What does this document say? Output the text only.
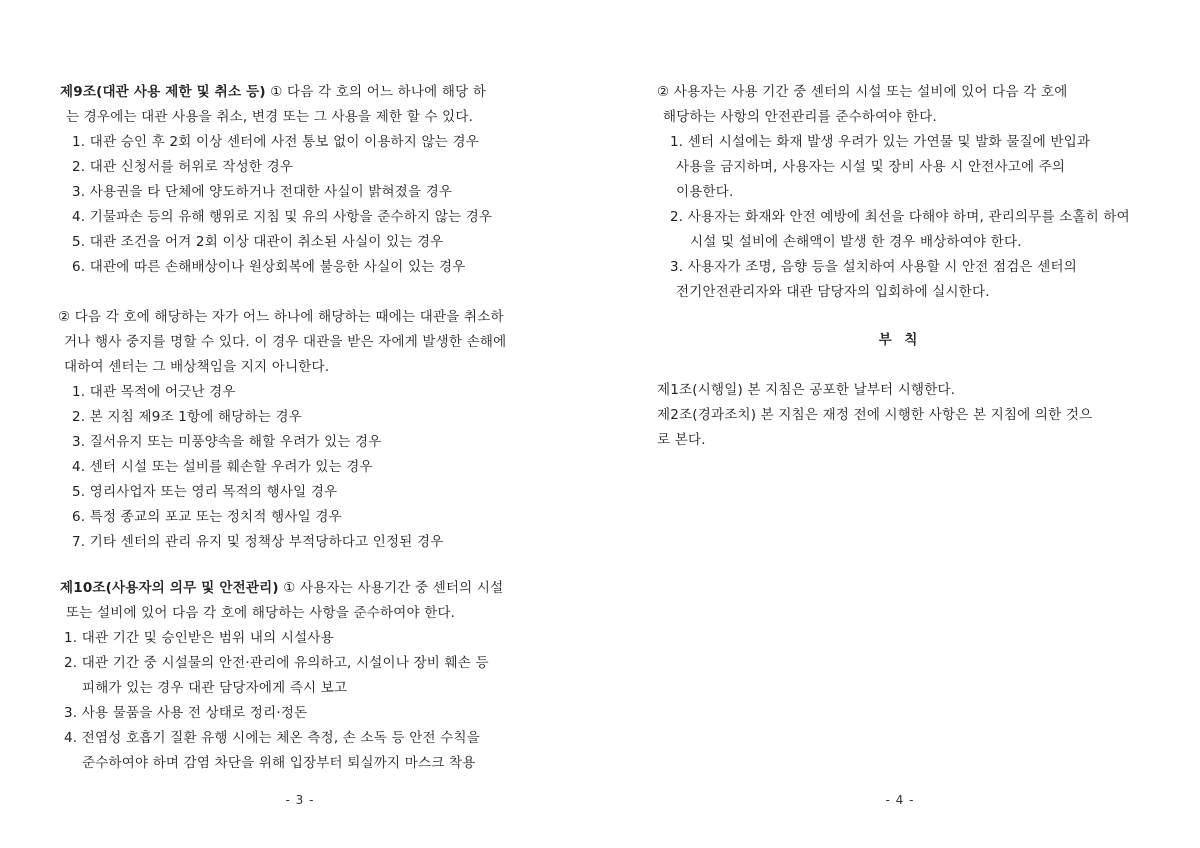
제9조(대관 사용 제한 및 취소 등) ① 다음 각 호의 어느 하나에 해당 하
는 경우에는 대관 사용을 취소, 변경 또는 그 사용을 제한 할 수 있다.
1. 대관 승인 후 2회 이상 센터에 사전 통보 없이 이용하지 않는 경우
2. 대관 신청서를 허위로 작성한 경우
3. 사용권을 타 단체에 양도하거나 전대한 사실이 밝혀졌을 경우
4. 기물파손 등의 유해 행위로 지침 및 유의 사항을 준수하지 않는 경우
5. 대관 조건을 어겨 2회 이상 대관이 취소된 사실이 있는 경우
6. 대관에 따른 손해배상이나 원상회복에 불응한 사실이 있는 경우
② 다음 각 호에 해당하는 자가 어느 하나에 해당하는 때에는 대관을 취소하
거나 행사 중지를 명할 수 있다. 이 경우 대관을 받은 자에게 발생한 손해에
대하여 센터는 그 배상책임을 지지 아니한다.
1. 대관 목적에 어긋난 경우
2. 본 지침 제9조 1항에 해당하는 경우
3. 질서유지 또는 미풍양속을 해할 우려가 있는 경우
4. 센터 시설 또는 설비를 훼손할 우려가 있는 경우
5. 영리사업자 또는 영리 목적의 행사일 경우
6. 특정 종교의 포교 또는 정치적 행사일 경우
7. 기타 센터의 관리 유지 및 정책상 부적당하다고 인정된 경우
제10조(사용자의 의무 및 안전관리) ① 사용자는 사용기간 중 센터의 시설
또는 설비에 있어 다음 각 호에 해당하는 사항을 준수하여야 한다.
1. 대관 기간 및 승인받은 범위 내의 시설사용
2. 대관 기간 중 시설물의 안전·관리에 유의하고, 시설이나 장비 훼손 등
피해가 있는 경우 대관 담당자에게 즉시 보고
3. 사용 물품을 사용 전 상태로 정리·정돈
4. 전염성 호흡기 질환 유행 시에는 체온 측정, 손 소독 등 안전 수칙을
준수하여야 하며 감염 차단을 위해 입장부터 퇴실까지 마스크 착용
- 3 -
② 사용자는 사용 기간 중 센터의 시설 또는 설비에 있어 다음 각 호에
해당하는 사항의 안전관리를 준수하여야 한다.
1. 센터 시설에는 화재 발생 우려가 있는 가연물 및 발화 물질에 반입과
사용을 금지하며, 사용자는 시설 및 장비 사용 시 안전사고에 주의
이용한다.
2. 사용자는 화재와 안전 예방에 최선을 다해야 하며, 관리의무를 소홀히 하여
시설 및 설비에 손해액이 발생 한 경우 배상하여야 한다.
3. 사용자가 조명, 음향 등을 설치하여 사용할 시 안전 점검은 센터의
전기안전관리자와 대관 담당자의 입회하에 실시한다.
부 칙
제1조(시행일) 본 지침은 공포한 날부터 시행한다.
제2조(경과조치) 본 지침은 재정 전에 시행한 사항은 본 지침에 의한 것으
로 본다.
- 4 -
